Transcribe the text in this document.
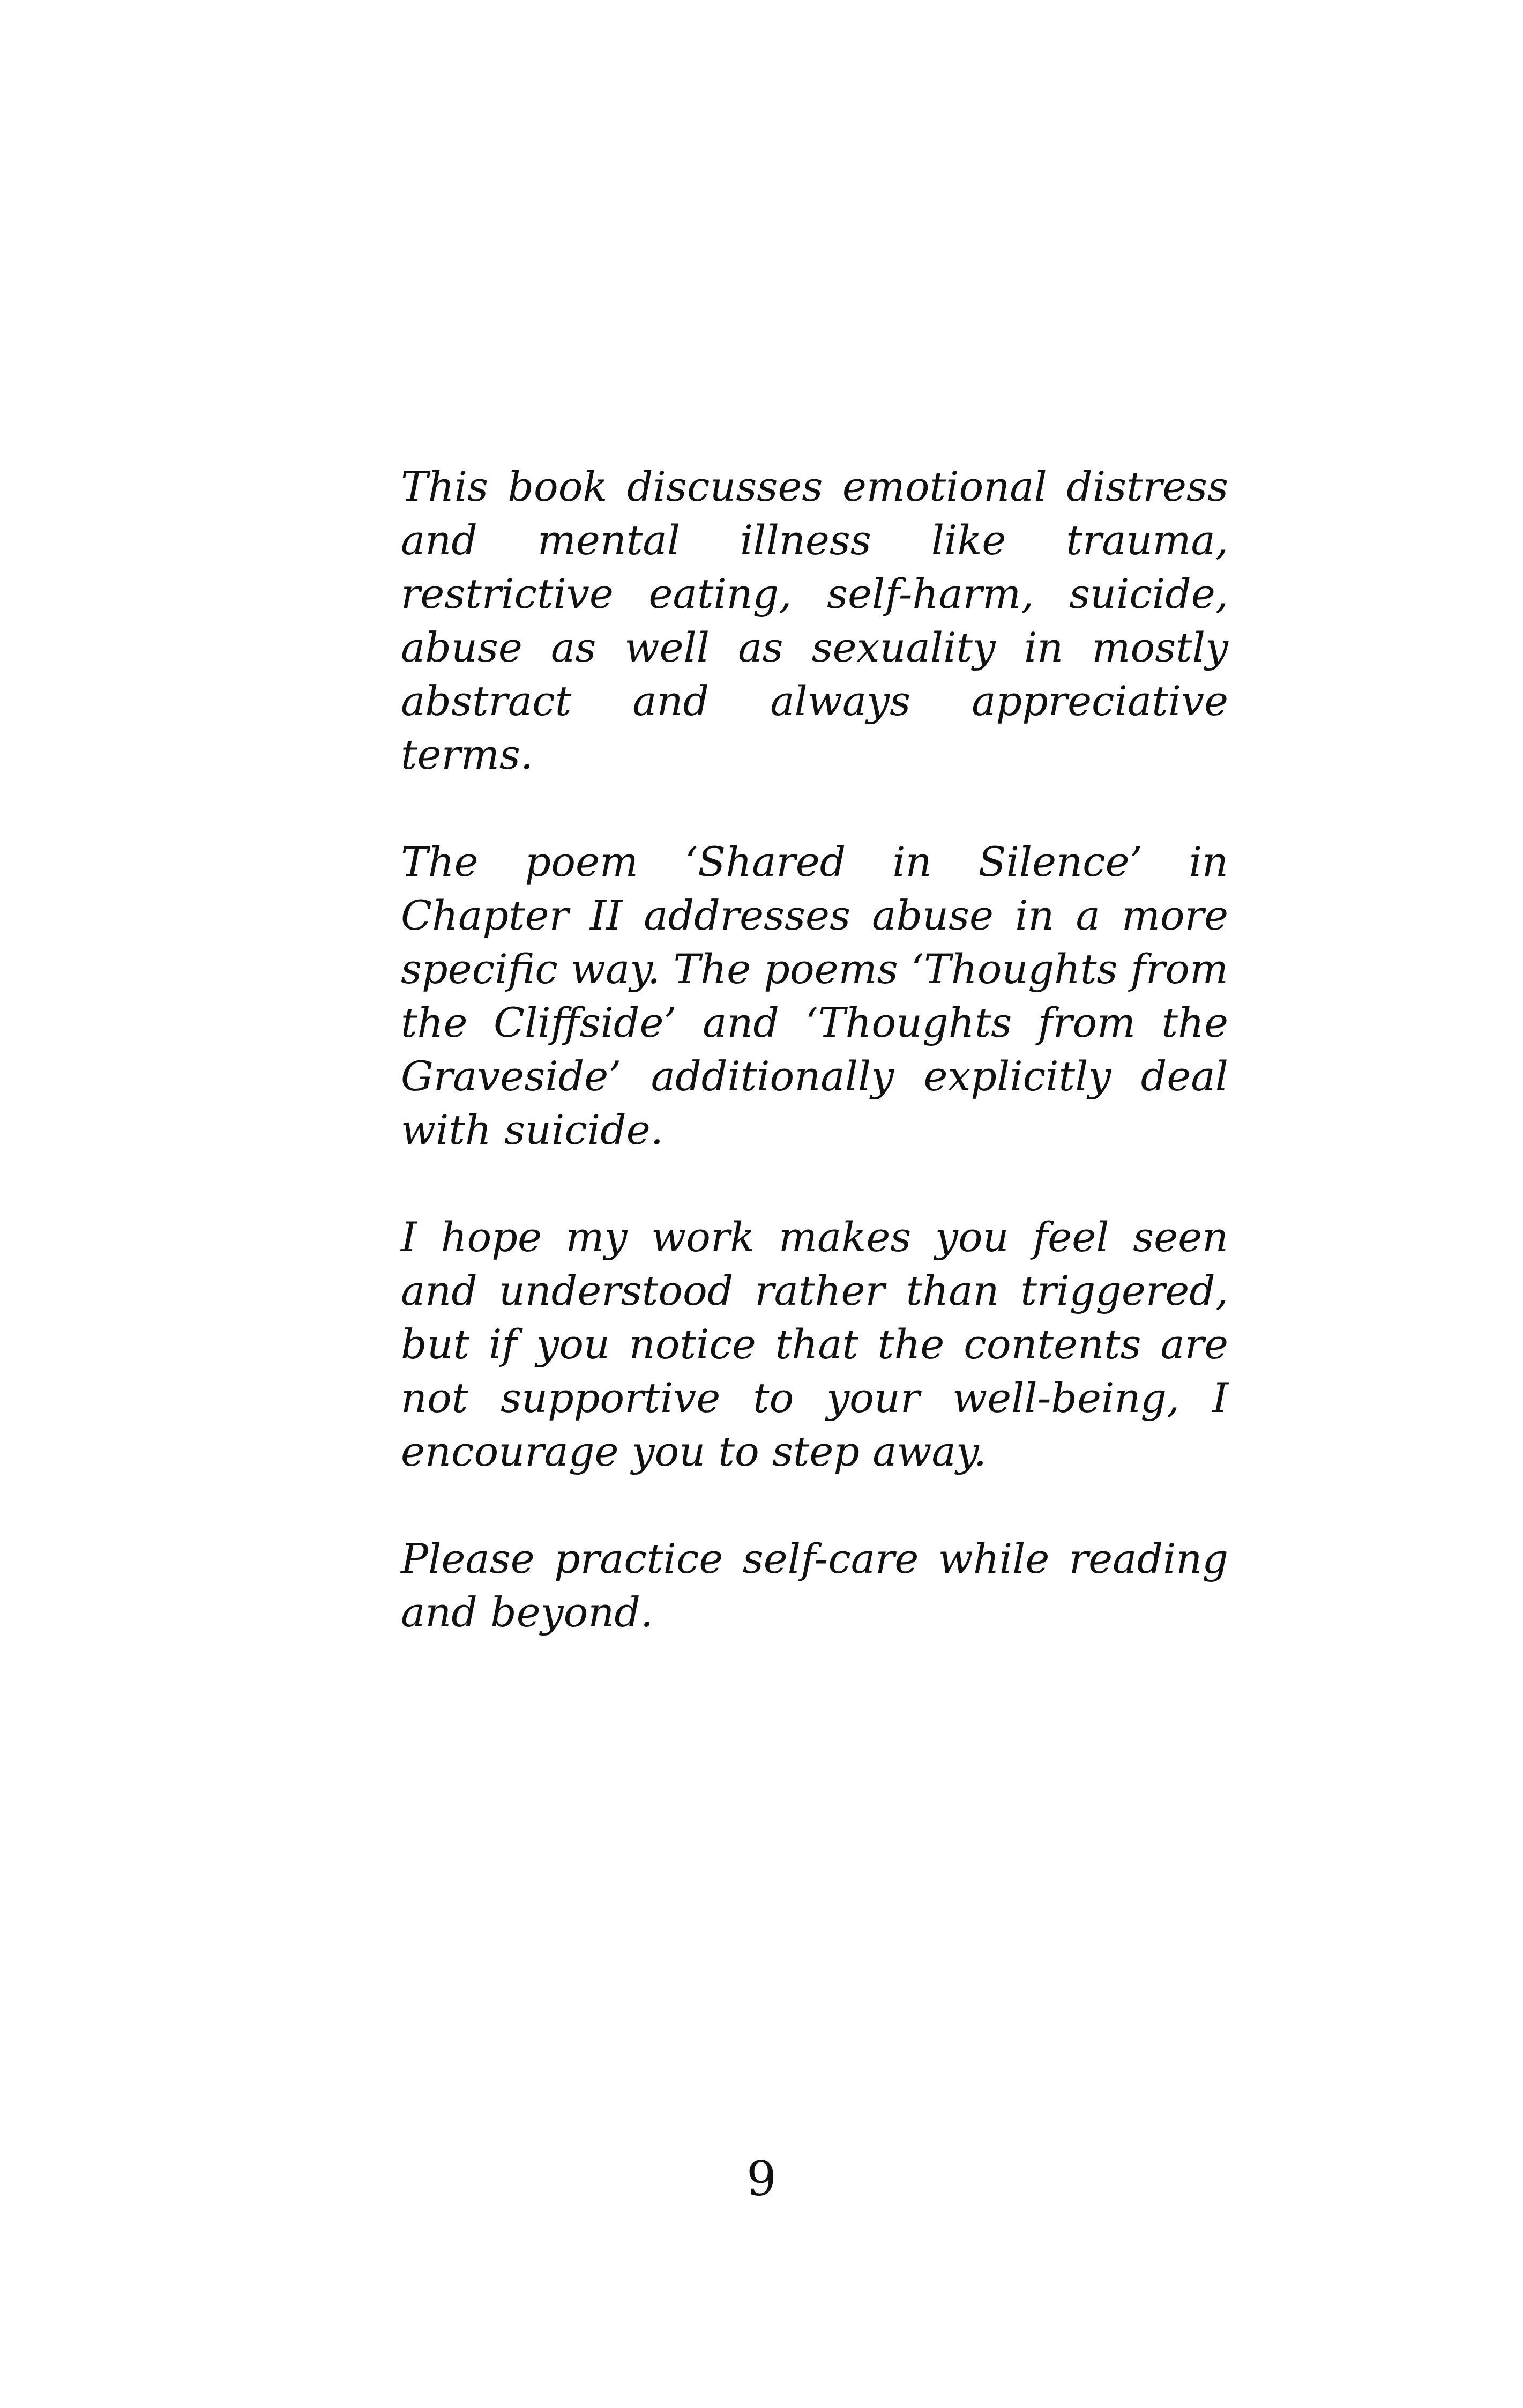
This book discusses emotional distress and mental illness like trauma, restrictive eating, self-harm, suicide, abuse as well as sexuality in mostly abstract and always appreciative terms.

The poem ‘Shared in Silence’ in Chapter II addresses abuse in a more specific way. The poems ‘Thoughts from the Cliffside’ and ‘Thoughts from the Graveside’ additionally explicitly deal with suicide.

I hope my work makes you feel seen and understood rather than triggered, but if you notice that the contents are not supportive to your well-being, I encourage you to step away.

Please practice self-care while reading and beyond.

9
